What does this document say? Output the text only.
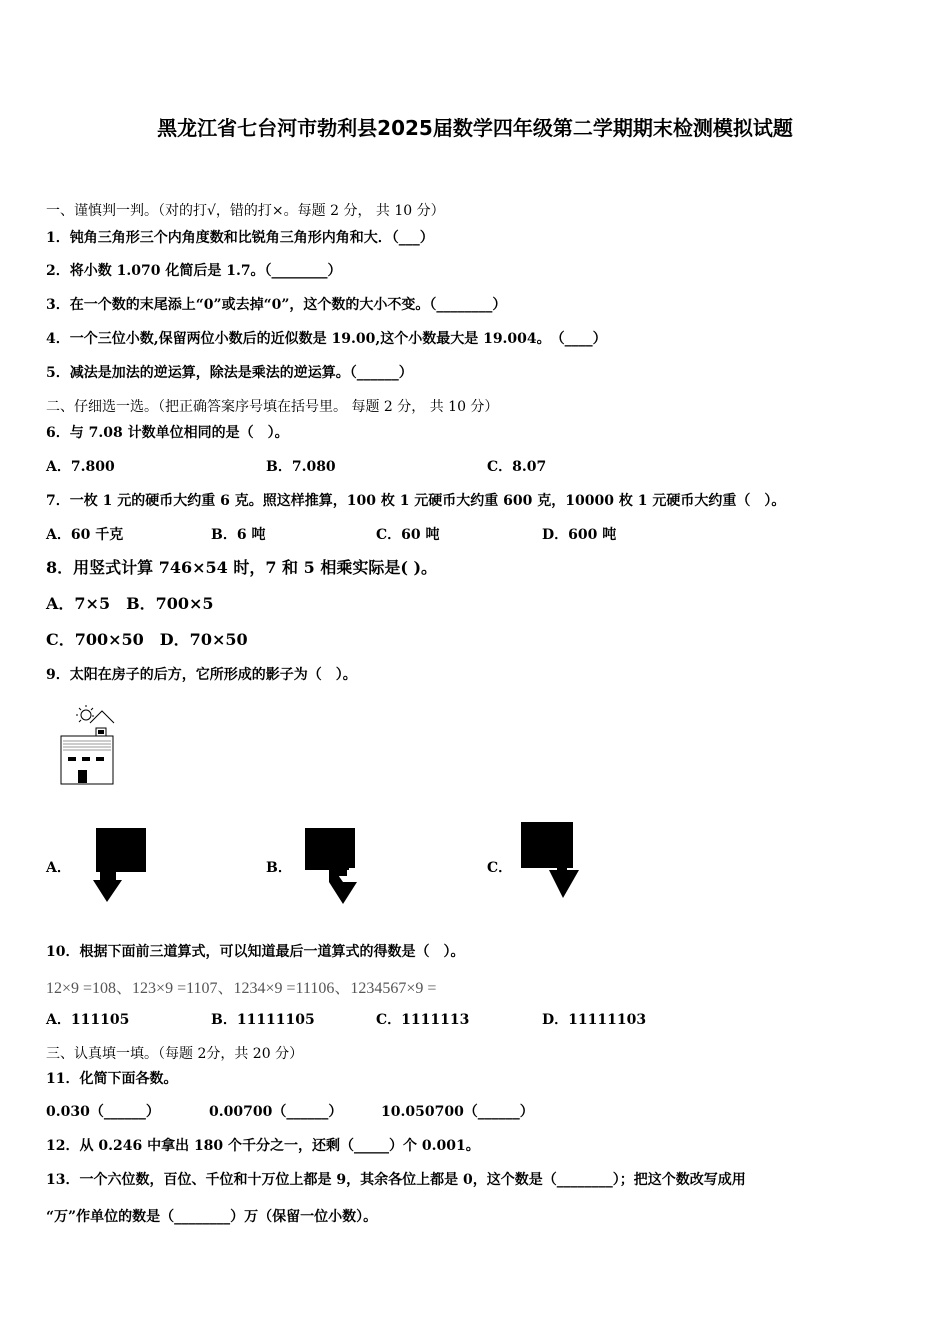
黑龙江省七台河市勃利县2025届数学四年级第二学期期末检测模拟试题
一、谨慎判一判。（对的打√，错的打×。每题 2 分， 共 10 分）
1．钝角三角形三个内角度数和比锐角三角形内角和大．（___）
2．将小数 1.070 化简后是 1.7。（________）
3．在一个数的末尾添上“0”或去掉“0”，这个数的大小不变。（________）
4．一个三位小数,保留两位小数后的近似数是 19.00,这个小数最大是 19.004。　（____）
5．减法是加法的逆运算，除法是乘法的逆运算。（______）
二、仔细选一选。（把正确答案序号填在括号里。 每题 2 分， 共 10 分）
6．与 7.08 计数单位相同的是（　）。
A．7.800	B．7.080	C．8.07
7．一枚 1 元的硬币大约重 6 克。照这样推算，100 枚 1 元硬币大约重 600 克，10000 枚 1 元硬币大约重（　）。
A．60 千克	B．6 吨	C．60 吨	D．600 吨
8．用竖式计算 746×54 时，7 和 5 相乘实际是( )。
A．7×5　B．700×5
C．700×50　D．70×50
9．太阳在房子的后方，它所形成的影子为（　）。
A．	B．	C．
10．根据下面前三道算式，可以知道最后一道算式的得数是（　）。
12×9 =108、123×9 =1107、1234×9 =11106、1234567×9 =
A．111105	B．11111105	C．1111113	D．11111103
三、认真填一填。（每题 2分，共 20 分）
11．化简下面各数。
0.030（______）	0.00700（______）	10.050700（______）
12．从 0.246 中拿出 180 个千分之一，还剩（_____）个 0.001。
13．一个六位数，百位、千位和十万位上都是 9，其余各位上都是 0，这个数是（________）；把这个数改写成用
“万”作单位的数是（________）万（保留一位小数）。
